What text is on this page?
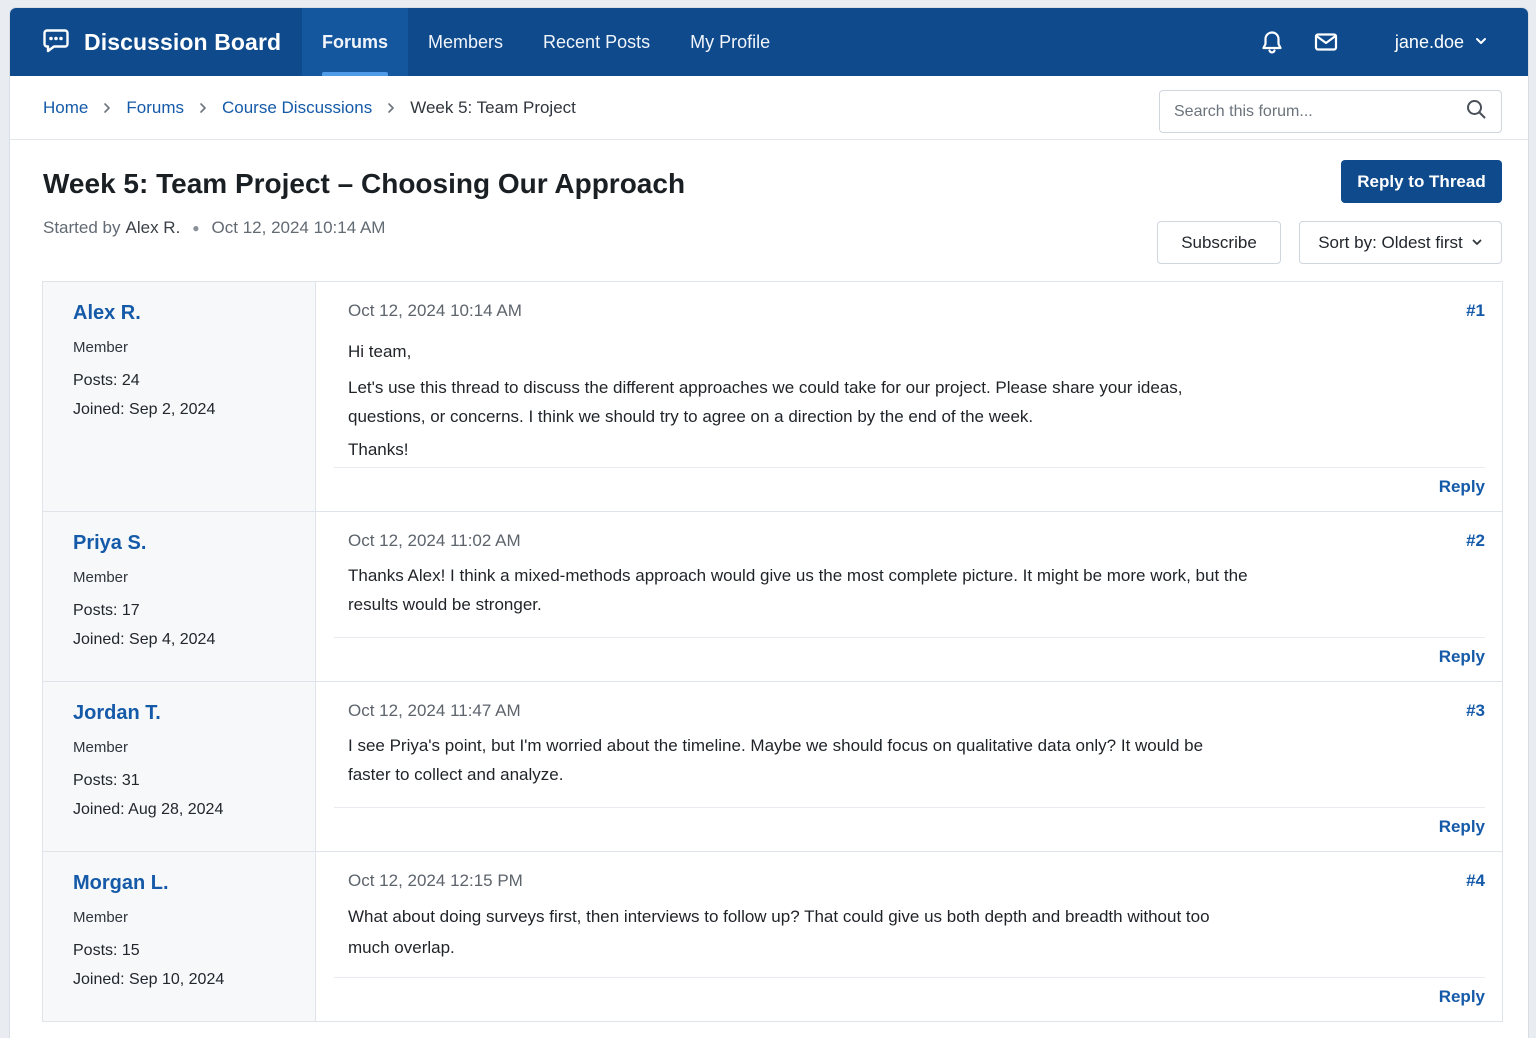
Discussion Board	Forums	Members	Recent Posts	My Profile	jane.doe
Home Forums Course Discussions Week 5: Team Project
Search this forum...
Week 5: Team Project – Choosing Our Approach
Started by Alex R. ● Oct 12, 2024 10:14 AM
Reply to Thread
Subscribe	Sort by: Oldest first
Alex R.
Member
Posts: 24
Joined: Sep 2, 2024
Oct 12, 2024 10:14 AM	#1

Hi team,

Let's use this thread to discuss the different approaches we could take for our project. Please share your ideas, questions, or concerns. I think we should try to agree on a direction by the end of the week.

Thanks!

Reply
Priya S.
Member
Posts: 17
Joined: Sep 4, 2024
Oct 12, 2024 11:02 AM	#2

Thanks Alex! I think a mixed-methods approach would give us the most complete picture. It might be more work, but the results would be stronger.

Reply
Jordan T.
Member
Posts: 31
Joined: Aug 28, 2024
Oct 12, 2024 11:47 AM	#3

I see Priya's point, but I'm worried about the timeline. Maybe we should focus on qualitative data only? It would be faster to collect and analyze.

Reply
Morgan L.
Member
Posts: 15
Joined: Sep 10, 2024
Oct 12, 2024 12:15 PM	#4

What about doing surveys first, then interviews to follow up? That could give us both depth and breadth without too much overlap.

Reply
